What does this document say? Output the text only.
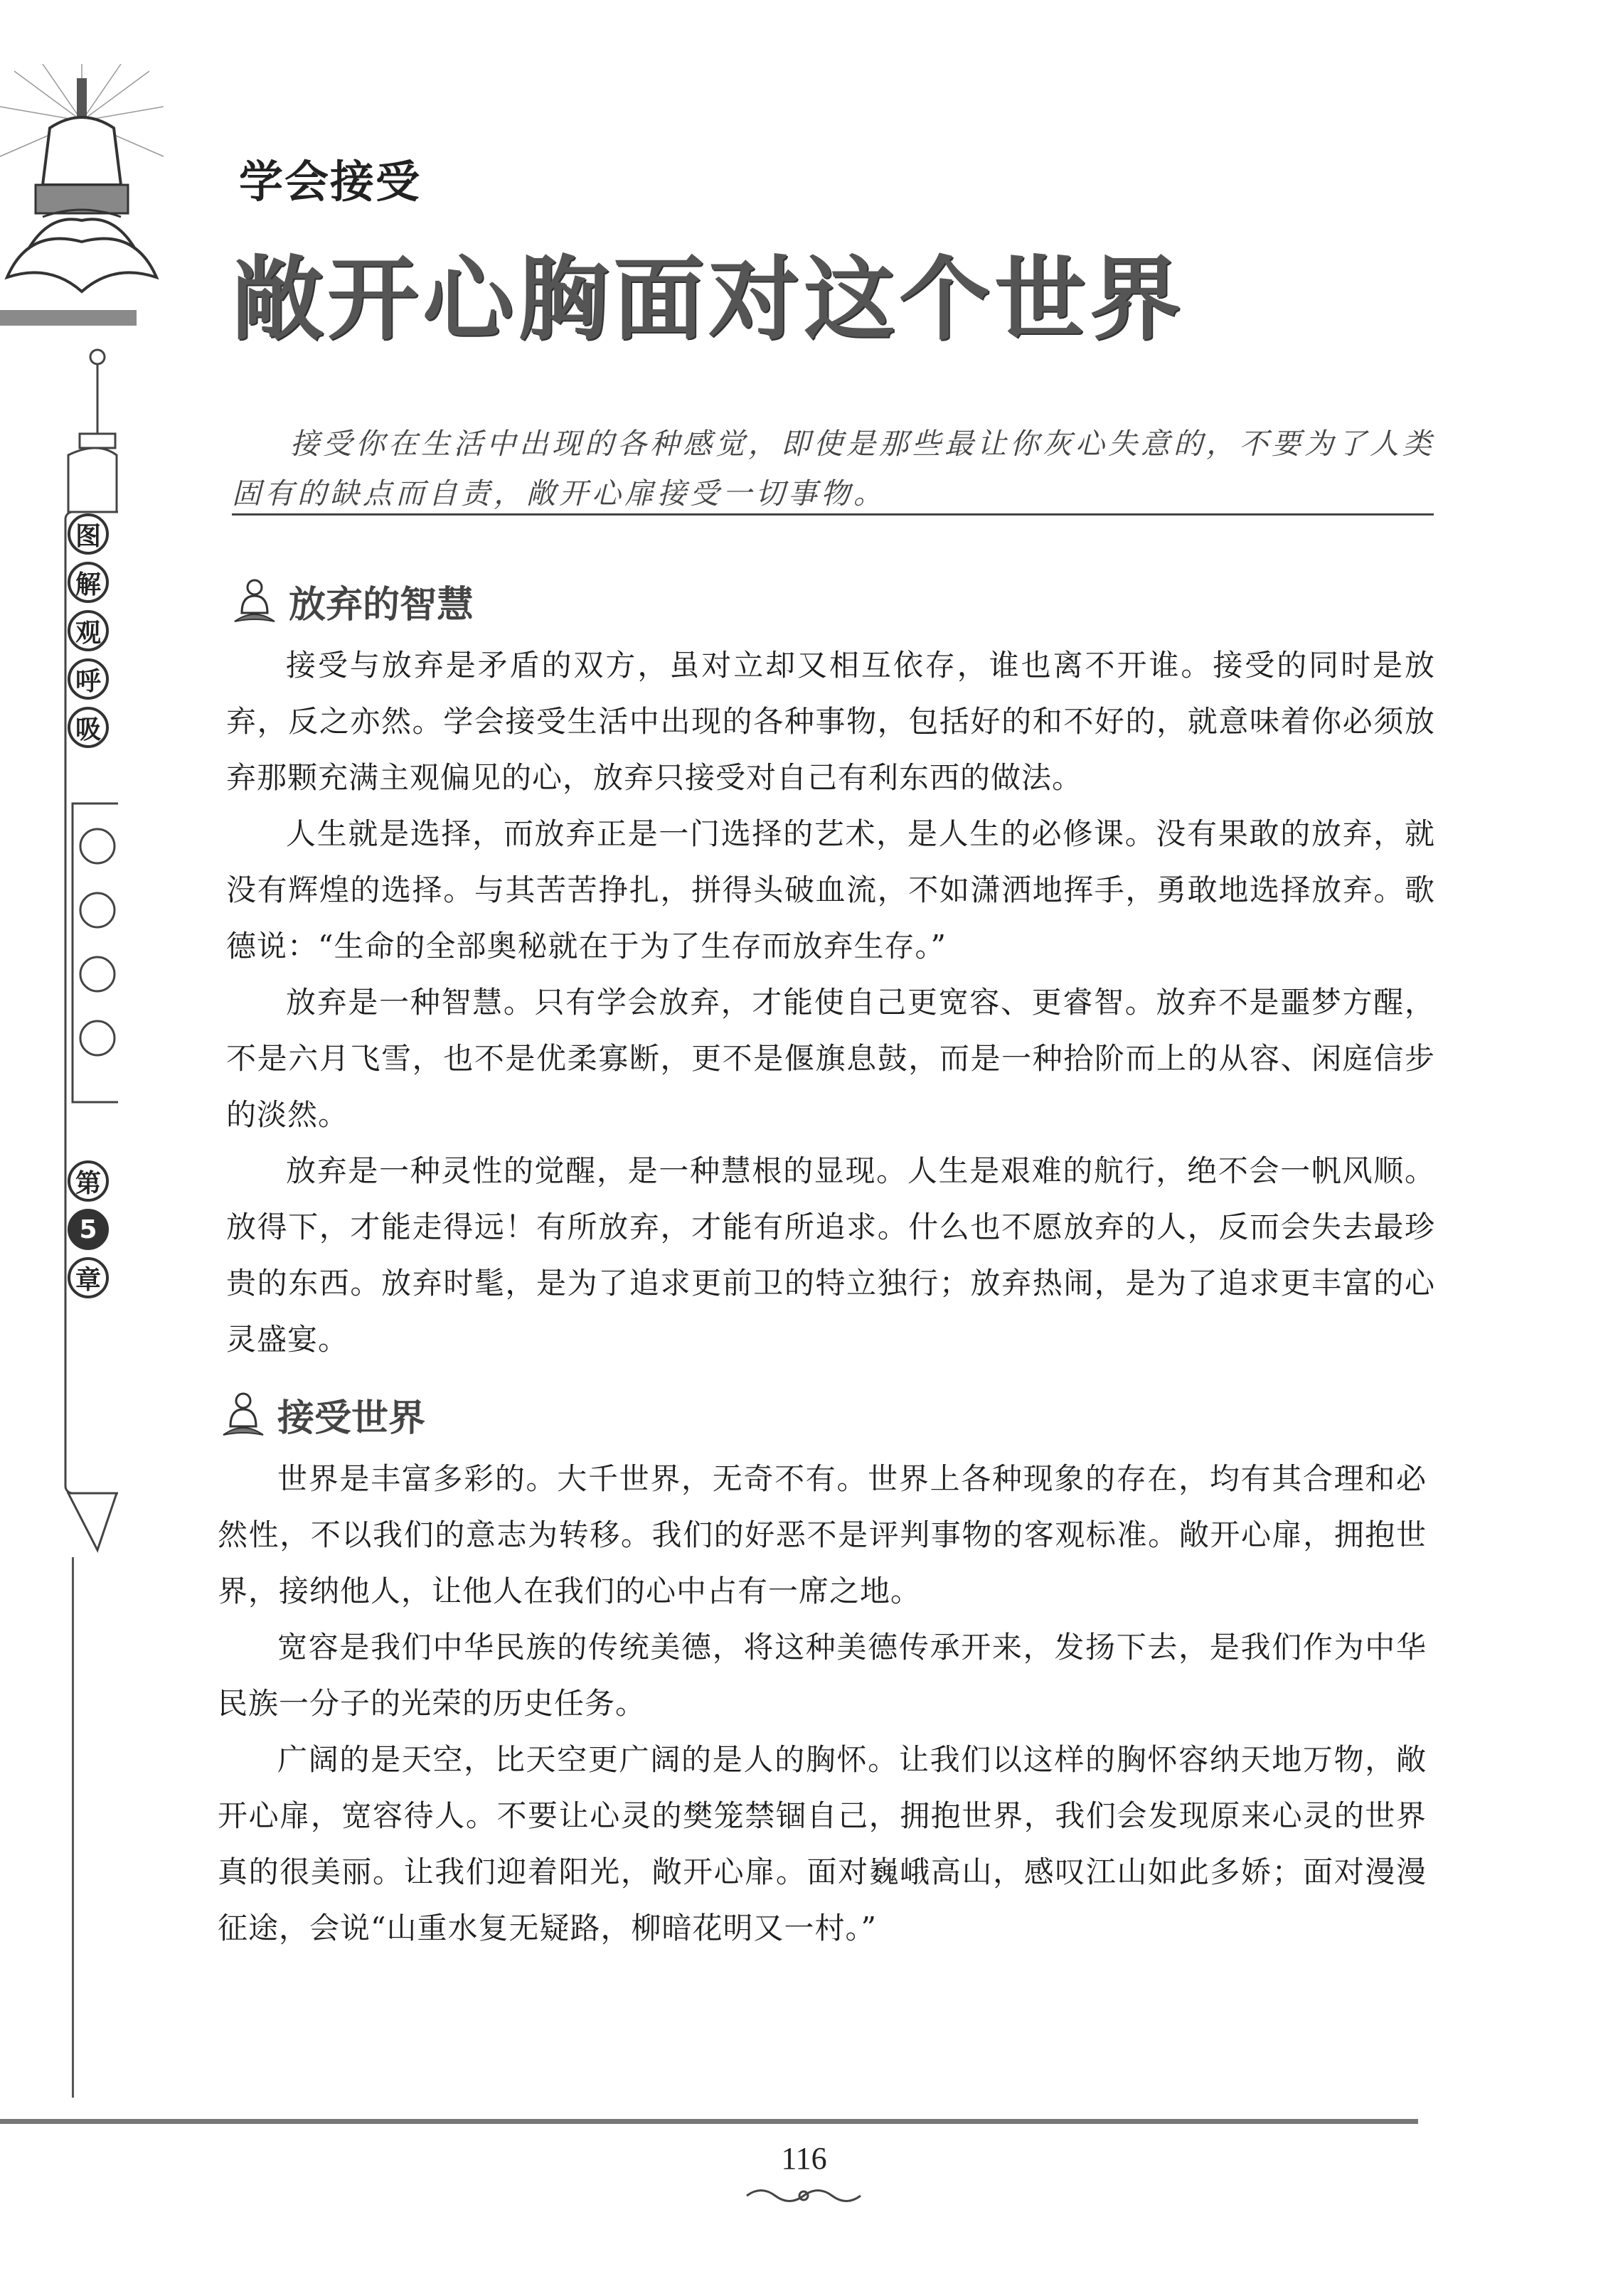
图
解
观
呼
吸
第
5
章
学会接受
敞开心胸面对这个世界

接受你在生活中出现的各种感觉，即使是那些最让你灰心失意的，不要为了人类固有的缺点而自责，敞开心扉接受一切事物。

放弃的智慧

接受与放弃是矛盾的双方，虽对立却又相互依存，谁也离不开谁。接受的同时是放弃，反之亦然。学会接受生活中出现的各种事物，包括好的和不好的，就意味着你必须放弃那颗充满主观偏见的心，放弃只接受对自己有利东西的做法。

人生就是选择，而放弃正是一门选择的艺术，是人生的必修课。没有果敢的放弃，就没有辉煌的选择。与其苦苦挣扎，拼得头破血流，不如潇洒地挥手，勇敢地选择放弃。歌德说：“生命的全部奥秘就在于为了生存而放弃生存。”

放弃是一种智慧。只有学会放弃，才能使自己更宽容、更睿智。放弃不是噩梦方醒，不是六月飞雪，也不是优柔寡断，更不是偃旗息鼓，而是一种拾阶而上的从容、闲庭信步的淡然。

放弃是一种灵性的觉醒，是一种慧根的显现。人生是艰难的航行，绝不会一帆风顺。放得下，才能走得远！有所放弃，才能有所追求。什么也不愿放弃的人，反而会失去最珍贵的东西。放弃时髦，是为了追求更前卫的特立独行；放弃热闹，是为了追求更丰富的心灵盛宴。

接受世界

世界是丰富多彩的。大千世界，无奇不有。世界上各种现象的存在，均有其合理和必然性，不以我们的意志为转移。我们的好恶不是评判事物的客观标准。敞开心扉，拥抱世界，接纳他人，让他人在我们的心中占有一席之地。

宽容是我们中华民族的传统美德，将这种美德传承开来，发扬下去，是我们作为中华民族一分子的光荣的历史任务。

广阔的是天空，比天空更广阔的是人的胸怀。让我们以这样的胸怀容纳天地万物，敞开心扉，宽容待人。不要让心灵的樊笼禁锢自己，拥抱世界，我们会发现原来心灵的世界真的很美丽。让我们迎着阳光，敞开心扉。面对巍峨高山，感叹江山如此多娇；面对漫漫征途，会说“山重水复无疑路，柳暗花明又一村。”

116
